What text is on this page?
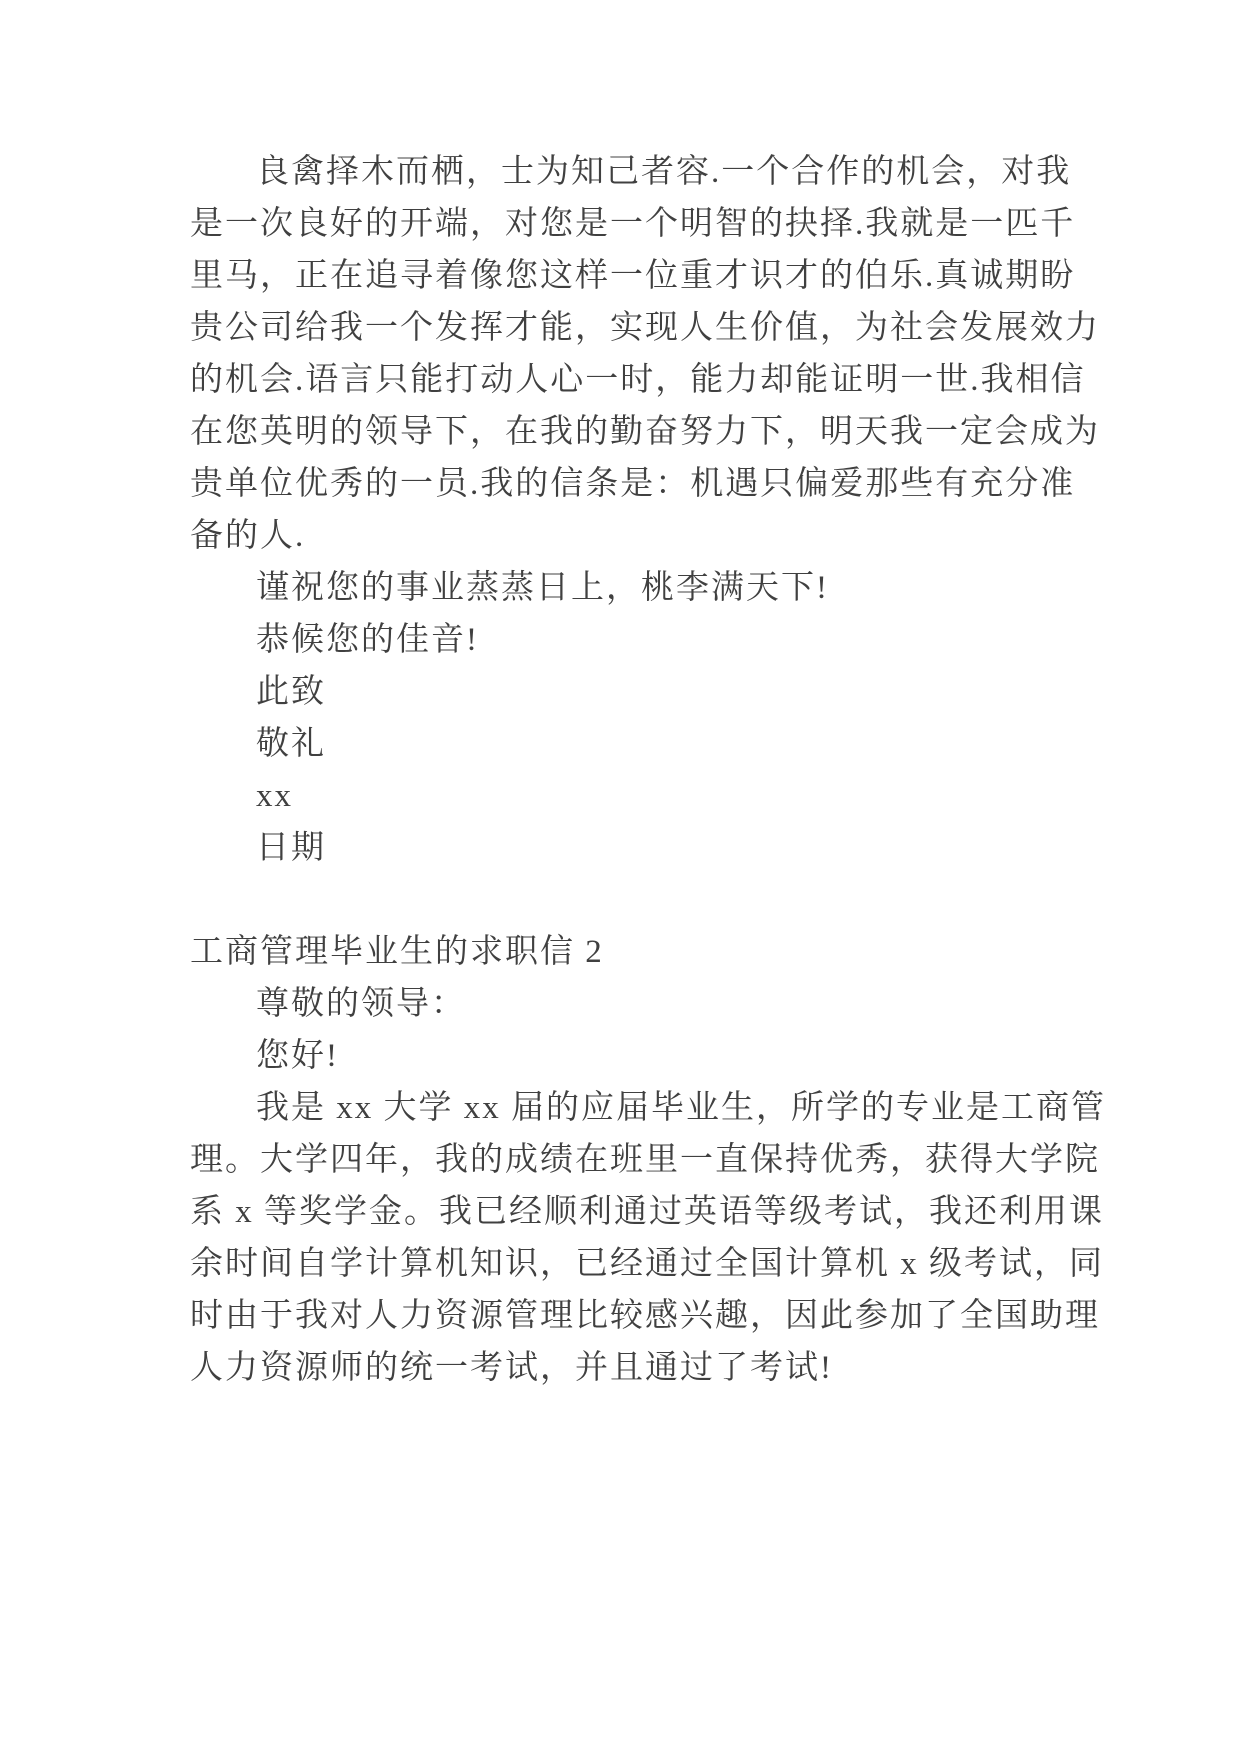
良禽择木而栖，士为知己者容.一个合作的机会，对我
是一次良好的开端，对您是一个明智的抉择.我就是一匹千
里马，正在追寻着像您这样一位重才识才的伯乐.真诚期盼
贵公司给我一个发挥才能，实现人生价值，为社会发展效力
的机会.语言只能打动人心一时，能力却能证明一世.我相信
在您英明的领导下，在我的勤奋努力下，明天我一定会成为
贵单位优秀的一员.我的信条是：机遇只偏爱那些有充分准
备的人.
谨祝您的事业蒸蒸日上，桃李满天下!
恭候您的佳音!
此致
敬礼
xx
日期
工商管理毕业生的求职信 2
尊敬的领导：
您好!
我是 xx 大学 xx 届的应届毕业生，所学的专业是工商管
理。大学四年，我的成绩在班里一直保持优秀，获得大学院
系 x 等奖学金。我已经顺利通过英语等级考试，我还利用课
余时间自学计算机知识，已经通过全国计算机 x 级考试，同
时由于我对人力资源管理比较感兴趣，因此参加了全国助理
人力资源师的统一考试，并且通过了考试!
